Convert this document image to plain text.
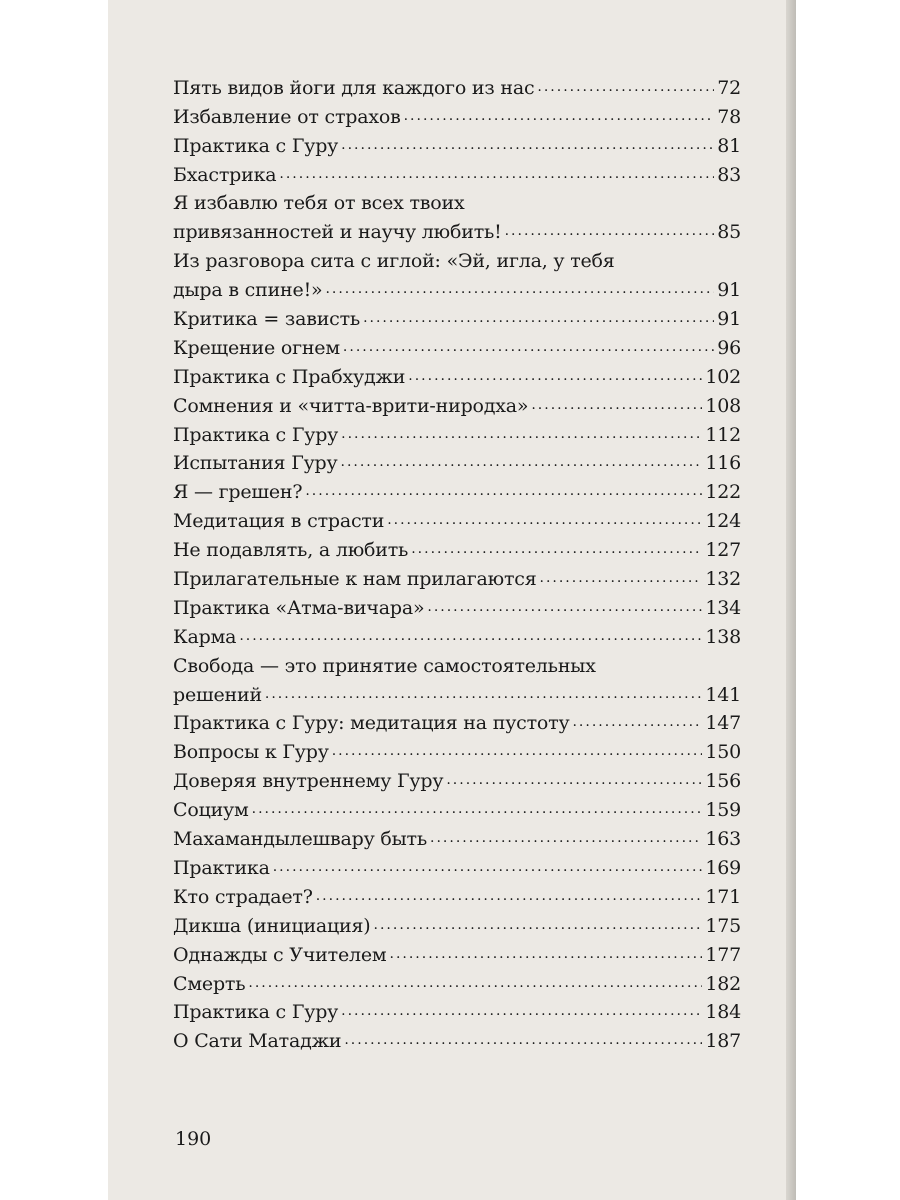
Пять видов йоги для каждого из нас .....	72
Избавление от страхов .....	78
Практика с Гуру .....	81
Бхастрика .....	83
Я избавлю тебя от всех твоих
привязанностей и научу любить! .....	85
Из разговора сита с иглой: «Эй, игла, у тебя
дыра в спине!» .....	91
Критика = зависть .....	91
Крещение огнем .....	96
Практика с Прабхуджи .....	102
Сомнения и «читта-врити-ниродха» .....	108
Практика с Гуру .....	112
Испытания Гуру .....	116
Я — грешен? .....	122
Медитация в страсти .....	124
Не подавлять, а любить .....	127
Прилагательные к нам прилагаются .....	132
Практика «Атма-вичара» .....	134
Карма .....	138
Свобода — это принятие самостоятельных
решений .....	141
Практика с Гуру: медитация на пустоту .....	147
Вопросы к Гуру .....	150
Доверяя внутреннему Гуру .....	156
Социум .....	159
Махамандылешвару быть .....	163
Практика .....	169
Кто страдает? .....	171
Дикша (инициация) .....	175
Однажды с Учителем .....	177
Смерть .....	182
Практика с Гуру .....	184
О Сати Матаджи .....	187
190
